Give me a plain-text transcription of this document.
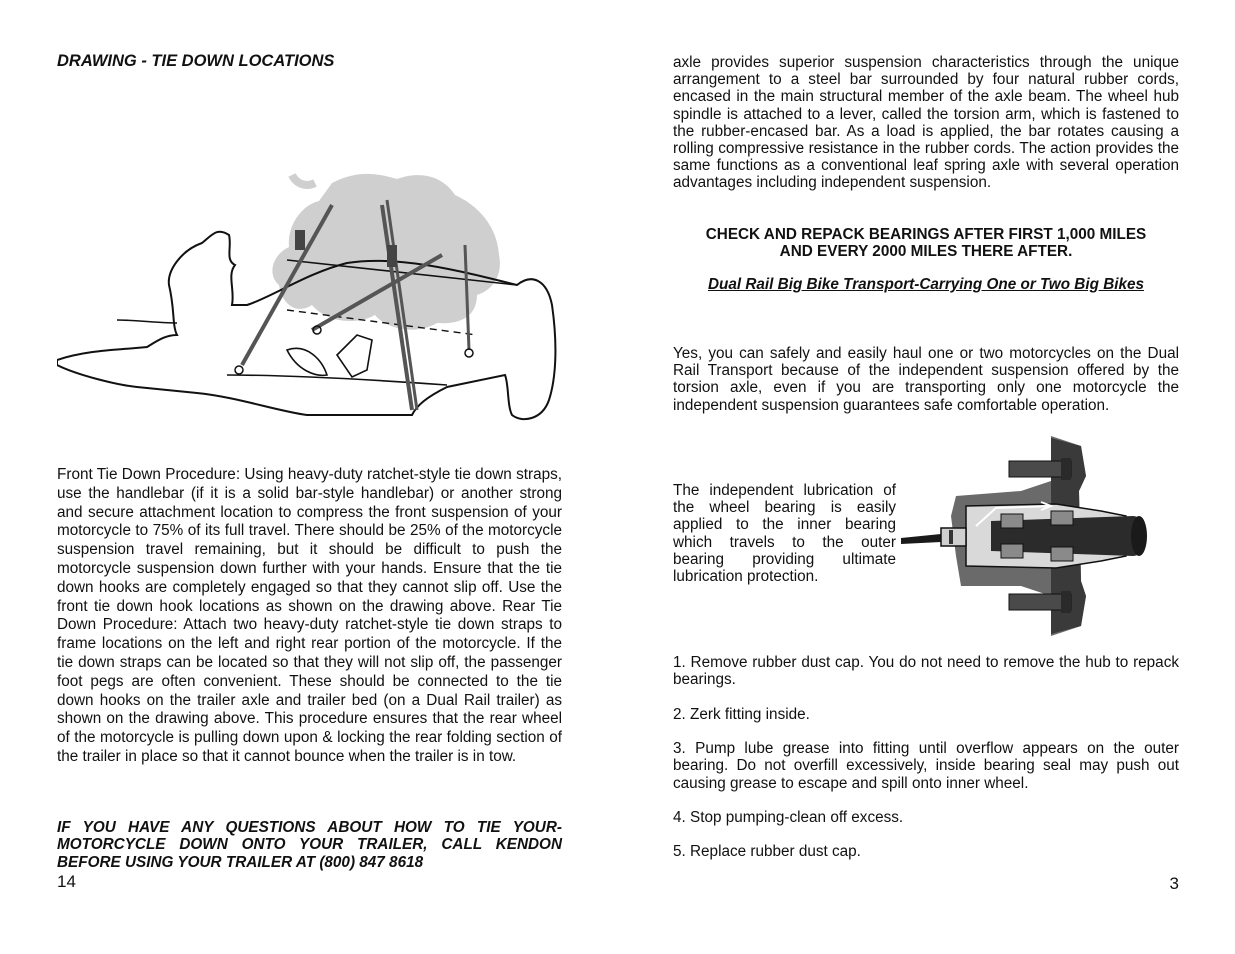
DRAWING - TIE DOWN LOCATIONS

Front Tie Down Procedure: Using heavy-duty ratchet-style tie down straps, use the handlebar (if it is a solid bar-style handlebar) or another strong and secure attachment location to compress the front suspension of your motorcycle to 75% of its full travel. There should be 25% of the motorcycle suspension travel remaining, but it should be difficult to push the motorcycle suspension down further with your hands. Ensure that the tie down hooks are completely engaged so that they cannot slip off. Use the front tie down hook locations as shown on the drawing above. Rear Tie Down Procedure: Attach two heavy-duty ratchet-style tie down straps to frame locations on the left and right rear portion of the motorcycle. If the tie down straps can be located so that they will not slip off, the passenger foot pegs are often convenient. These should be connected to the tie down hooks on the trailer axle and trailer bed (on a Dual Rail trailer) as shown on the drawing above. This procedure ensures that the rear wheel of the motorcycle is pulling down upon & locking the rear folding section of the trailer in place so that it cannot bounce when the trailer is in tow.

IF YOU HAVE ANY QUESTIONS ABOUT HOW TO TIE YOUR-MOTORCYCLE DOWN ONTO YOUR TRAILER, CALL KENDON BEFORE USING YOUR TRAILER AT (800) 847 8618

14

axle provides superior suspension characteristics through the unique arrangement to a steel bar surrounded by four natural rubber cords, encased in the main structural member of the axle beam. The wheel hub spindle is attached to a lever, called the torsion arm, which is fastened to the rubber-encased bar. As a load is applied, the bar rotates causing a rolling compressive resistance in the rubber cords. The action provides the same functions as a conventional leaf spring axle with several operation advantages including independent suspension.

CHECK AND REPACK BEARINGS AFTER FIRST 1,000 MILES

AND EVERY 2000 MILES THERE AFTER.

Dual Rail Big Bike Transport-Carrying One or Two Big Bikes

Yes, you can safely and easily haul one or two motorcycles on the Dual Rail Transport because of the independent suspension offered by the torsion axle, even if you are transporting only one motorcycle the independent suspension guarantees safe comfortable operation.

The independent lubrication of the wheel bearing is easily applied to the inner bearing which travels to the outer bearing providing ultimate lubrication protection.

1. Remove rubber dust cap. You do not need to remove the hub to repack bearings.

2. Zerk fitting inside.

3. Pump lube grease into fitting until overflow appears on the outer bearing. Do not overfill excessively, inside bearing seal may push out causing grease to escape and spill onto inner wheel.

4. Stop pumping-clean off excess.

5. Replace rubber dust cap.

3
